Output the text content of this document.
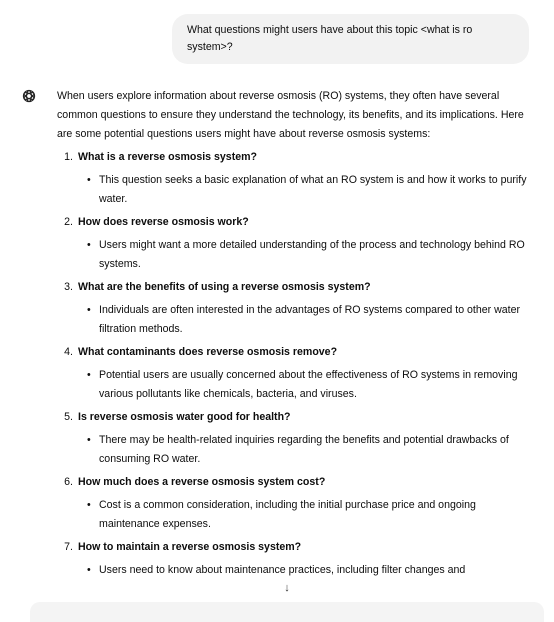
What questions might users have about this topic <what is ro system>?

When users explore information about reverse osmosis (RO) systems, they often have several common questions to ensure they understand the technology, its benefits, and its implications. Here are some potential questions users might have about reverse osmosis systems:

1. What is a reverse osmosis system?
• This question seeks a basic explanation of what an RO system is and how it works to purify water.
2. How does reverse osmosis work?
• Users might want a more detailed understanding of the process and technology behind RO systems.
3. What are the benefits of using a reverse osmosis system?
• Individuals are often interested in the advantages of RO systems compared to other water filtration methods.
4. What contaminants does reverse osmosis remove?
• Potential users are usually concerned about the effectiveness of RO systems in removing various pollutants like chemicals, bacteria, and viruses.
5. Is reverse osmosis water good for health?
• There may be health-related inquiries regarding the benefits and potential drawbacks of consuming RO water.
6. How much does a reverse osmosis system cost?
• Cost is a common consideration, including the initial purchase price and ongoing maintenance expenses.
7. How to maintain a reverse osmosis system?
• Users need to know about maintenance practices, including filter changes and
↓
